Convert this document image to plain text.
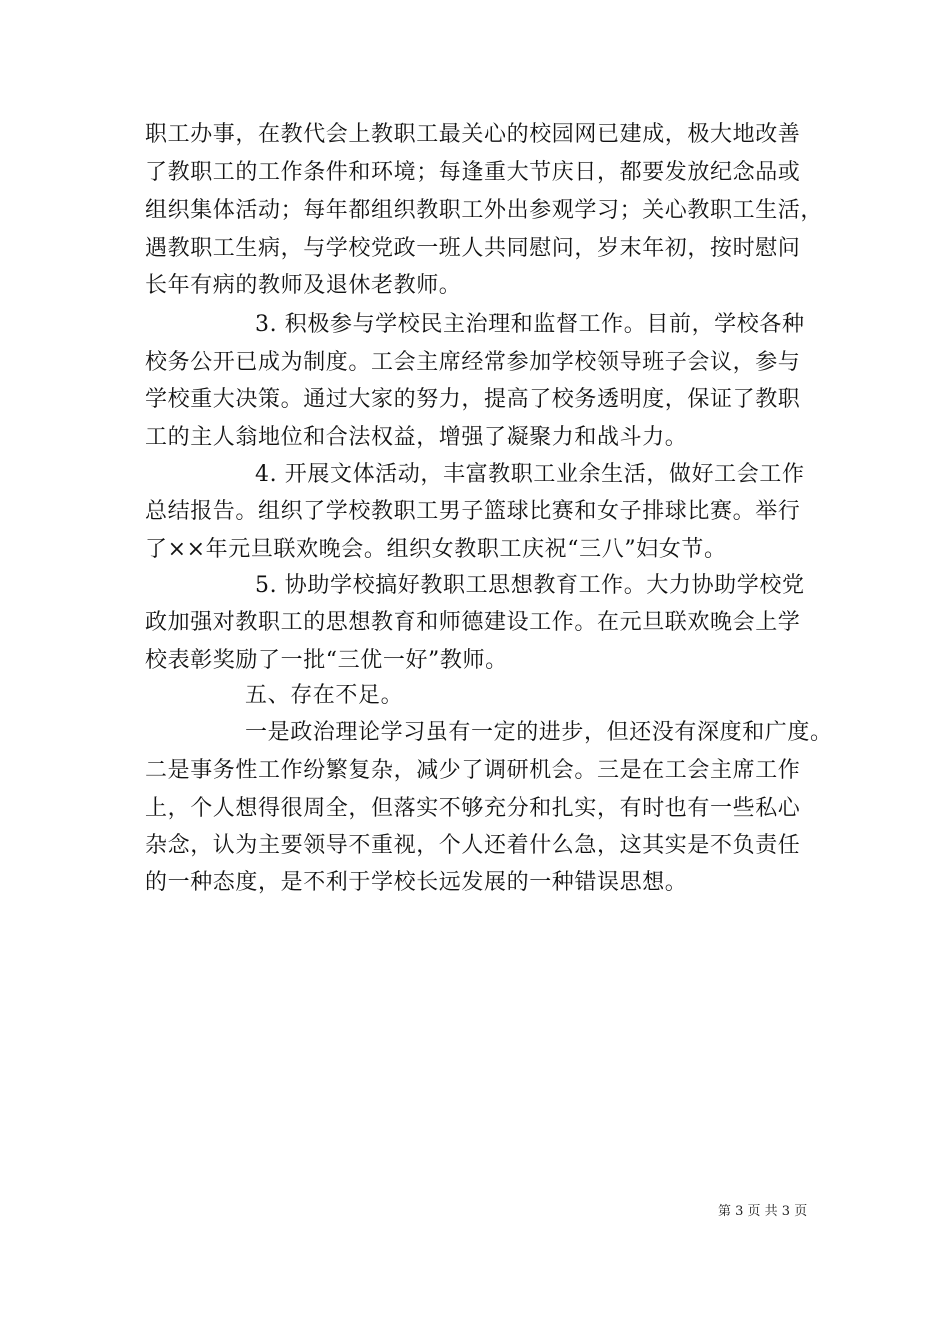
职工办事，在教代会上教职工最关心的校园网已建成，极大地改善
了教职工的工作条件和环境；每逢重大节庆日，都要发放纪念品或
组织集体活动；每年都组织教职工外出参观学习；关心教职工生活，
遇教职工生病，与学校党政一班人共同慰问，岁末年初，按时慰问
长年有病的教师及退休老教师。
3. 积极参与学校民主治理和监督工作。目前，学校各种
校务公开已成为制度。工会主席经常参加学校领导班子会议，参与
学校重大决策。通过大家的努力，提高了校务透明度，保证了教职
工的主人翁地位和合法权益，增强了凝聚力和战斗力。
4. 开展文体活动，丰富教职工业余生活，做好工会工作
总结报告。组织了学校教职工男子篮球比赛和女子排球比赛。举行
了××年元旦联欢晚会。组织女教职工庆祝“三八”妇女节。
5. 协助学校搞好教职工思想教育工作。大力协助学校党
政加强对教职工的思想教育和师德建设工作。在元旦联欢晚会上学
校表彰奖励了一批“三优一好”教师。
五、存在不足。
一是政治理论学习虽有一定的进步，但还没有深度和广度。
二是事务性工作纷繁复杂，减少了调研机会。三是在工会主席工作
上，个人想得很周全，但落实不够充分和扎实，有时也有一些私心
杂念，认为主要领导不重视，个人还着什么急，这其实是不负责任
的一种态度，是不利于学校长远发展的一种错误思想。
第 3 页 共 3 页
